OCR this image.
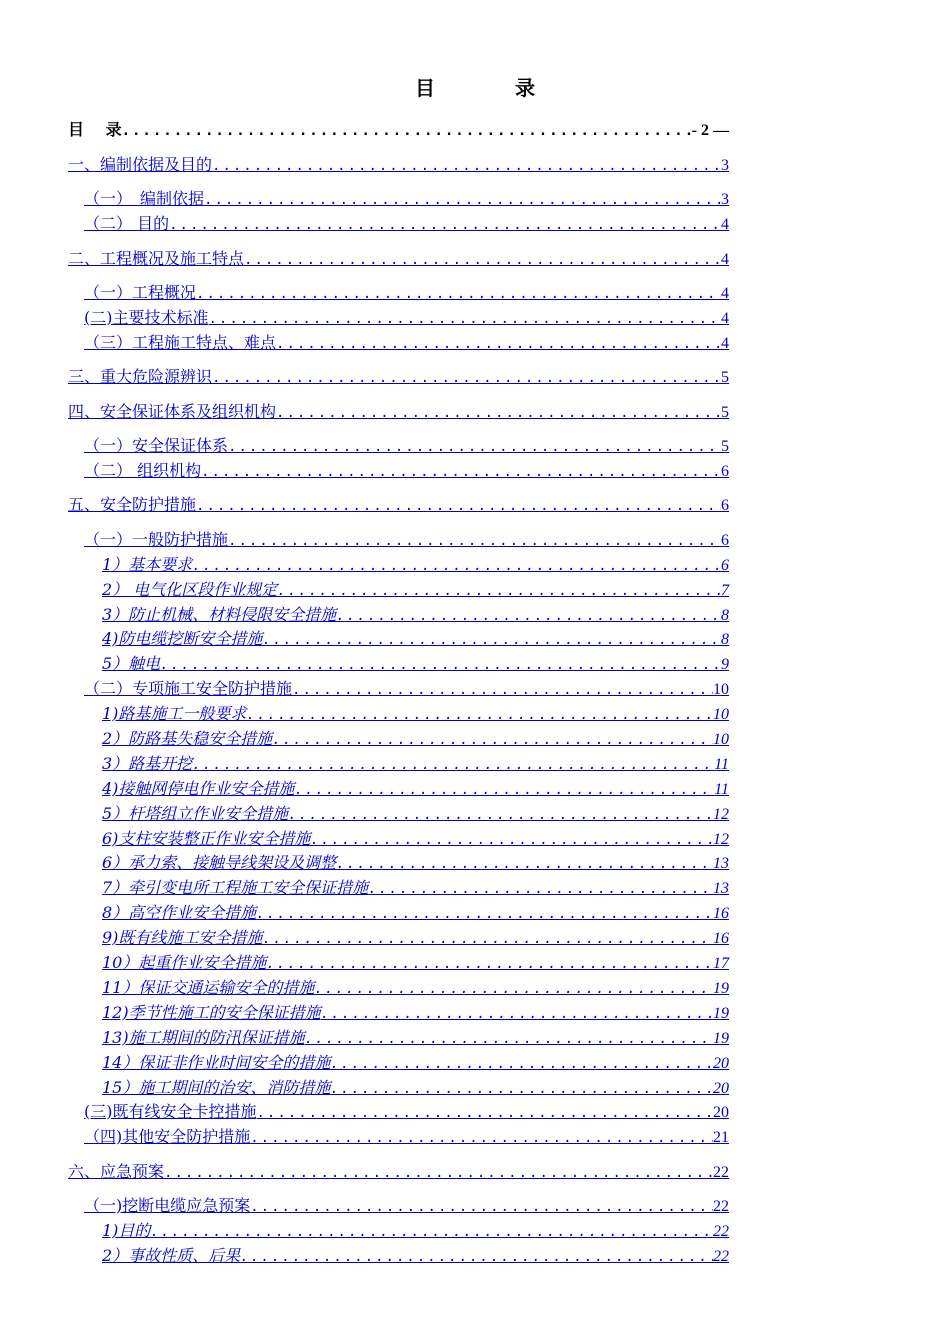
目　录
目　 录 .....	- 2 —
一、编制依据及目的 .....	3
（一）　编制依据 .....	3
（二） 目的 .....	4
二、工程概况及施工特点 .....	4
（一）工程概况 .....	4
(二)主要技术标准 .....	4
（三）工程施工特点、难点 .....	4
三、重大危险源辨识 .....	5
四、安全保证体系及组织机构 .....	5
（一）安全保证体系 .....	5
（二） 组织机构 .....	6
五、安全防护措施 .....	6
（一）一般防护措施 .....	6
1）基本要求 .....	6
2） 电气化区段作业规定 .....	7
3）防止机械、材料侵限安全措施 .....	8
4)防电缆挖断安全措施 .....	8
5）触电 .....	9
（二）专项施工安全防护措施 .....	10
1)路基施工一般要求 .....	10
2）防路基失稳安全措施 .....	10
3）路基开挖 .....	11
4)接触网停电作业安全措施 .....	11
5）杆塔组立作业安全措施 .....	12
6)支柱安装整正作业安全措施 .....	12
6）承力索、接触导线架设及调整 .....	13
7）牵引变电所工程施工安全保证措施 .....	13
8）高空作业安全措施 .....	16
9)既有线施工安全措施 .....	16
10）起重作业安全措施 .....	17
11）保证交通运输安全的措施 .....	19
12)季节性施工的安全保证措施 .....	19
13)施工期间的防汛保证措施 .....	19
14）保证非作业时间安全的措施 .....	20
15）施工期间的治安、消防措施 .....	20
(三)既有线安全卡控措施 .....	20
（四)其他安全防护措施 .....	21
六、应急预案 .....	22
（一)挖断电缆应急预案 .....	22
1)目的 .....	22
2）事故性质、后果 .....	22
